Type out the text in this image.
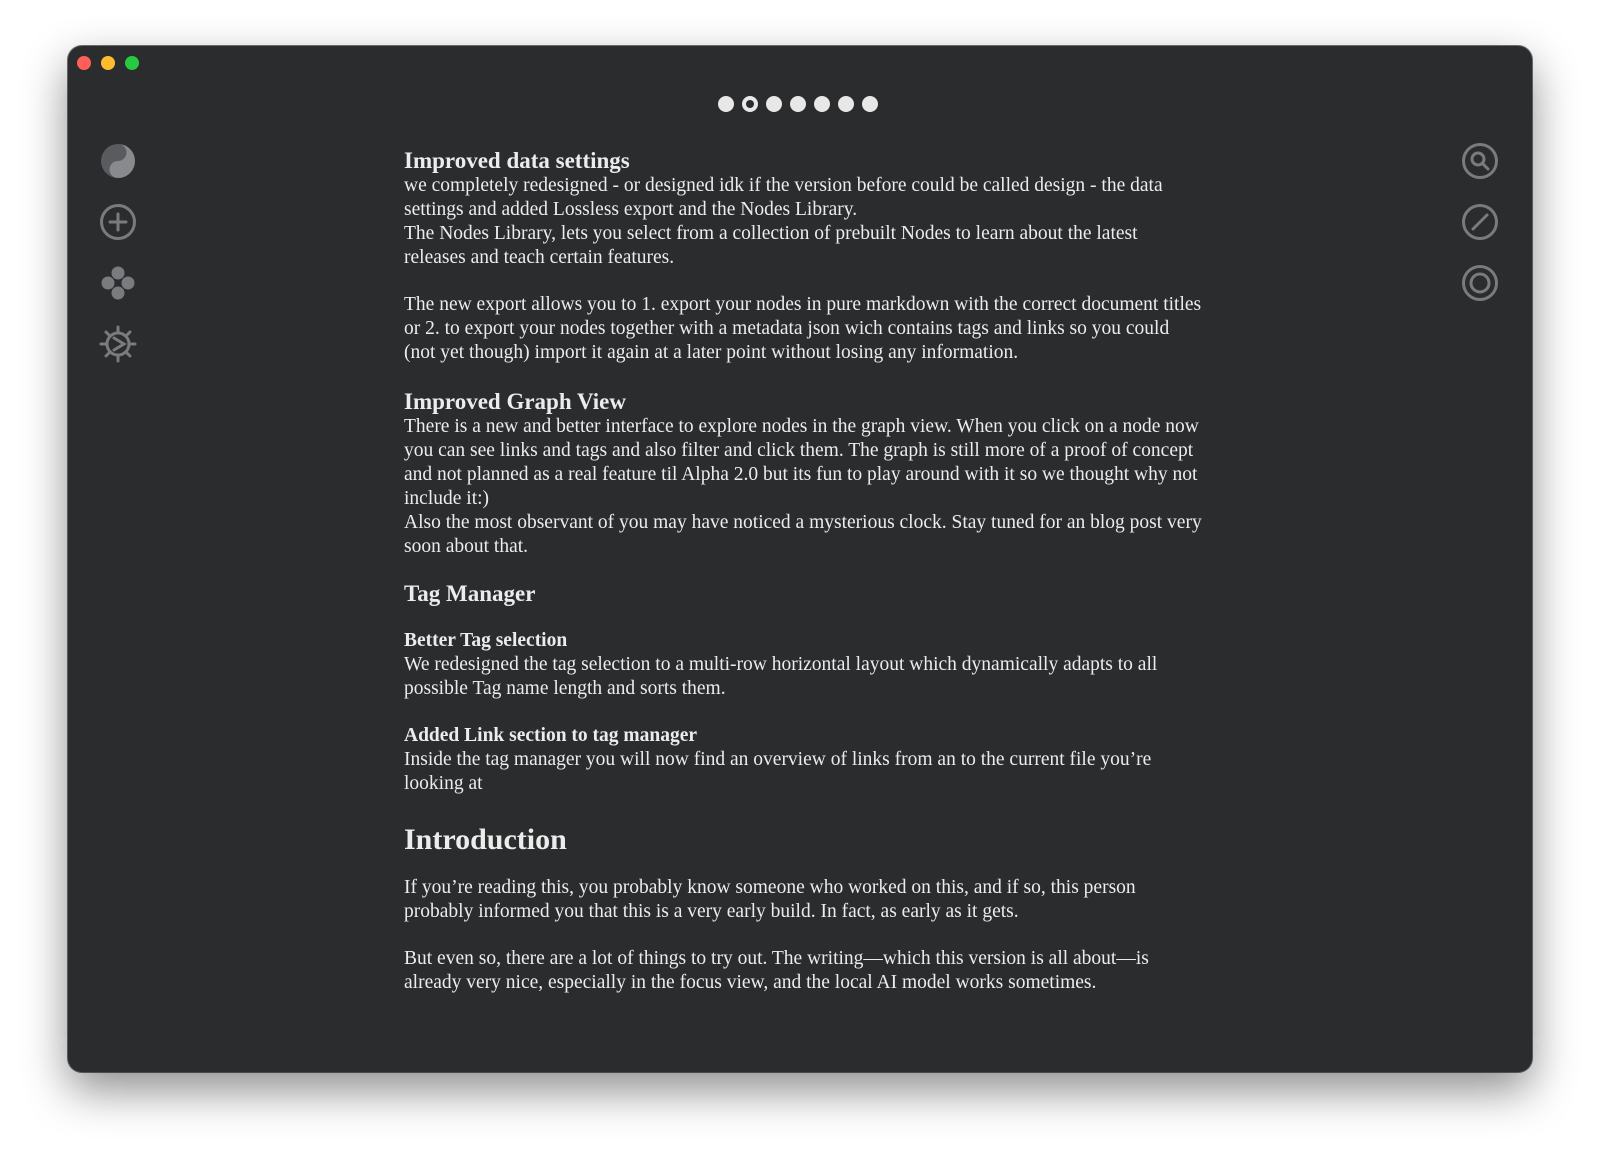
Improved data settings

we completely redesigned - or designed idk if the version before could be called design - the data settings and added Lossless export and the Nodes Library.

The Nodes Library, lets you select from a collection of prebuilt Nodes to learn about the latest releases and teach certain features.

The new export allows you to 1. export your nodes in pure markdown with the correct document titles or 2. to export your nodes together with a metadata json wich contains tags and links so you could (not yet though) import it again at a later point without losing any information.

Improved Graph View

There is a new and better interface to explore nodes in the graph view. When you click on a node now you can see links and tags and also filter and click them. The graph is still more of a proof of concept and not planned as a real feature til Alpha 2.0 but its fun to play around with it so we thought why not include it:)

Also the most observant of you may have noticed a mysterious clock. Stay tuned for an blog post very soon about that.

Tag Manager
Better Tag selection

We redesigned the tag selection to a multi-row horizontal layout which dynamically adapts to all possible Tag name length and sorts them.

Added Link section to tag manager

Inside the tag manager you will now find an overview of links from an to the current file you’re looking at

Introduction

If you’re reading this, you probably know someone who worked on this, and if so, this person probably informed you that this is a very early build. In fact, as early as it gets.

But even so, there are a lot of things to try out. The writing—which this version is all about—is already very nice, especially in the focus view, and the local AI model works sometimes.
